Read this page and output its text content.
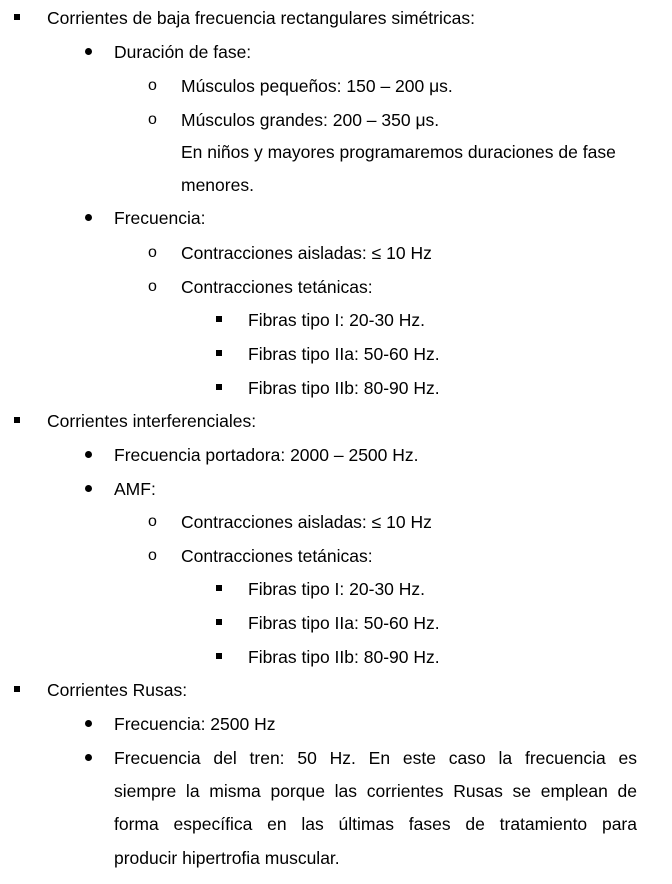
Corrientes de baja frecuencia rectangulares simétricas:
Duración de fase:
o Músculos pequeños: 150 – 200 μs.
o Músculos grandes: 200 – 350 μs.
En niños y mayores programaremos duraciones de fase
menores.
Frecuencia:
o Contracciones aisladas: ≤ 10 Hz
o Contracciones tetánicas:
Fibras tipo I: 20-30 Hz.
Fibras tipo IIa: 50-60 Hz.
Fibras tipo IIb: 80-90 Hz.
Corrientes interferenciales:
Frecuencia portadora: 2000 – 2500 Hz.
AMF:
o Contracciones aisladas: ≤ 10 Hz
o Contracciones tetánicas:
Fibras tipo I: 20-30 Hz.
Fibras tipo IIa: 50-60 Hz.
Fibras tipo IIb: 80-90 Hz.
Corrientes Rusas:
Frecuencia: 2500 Hz
Frecuencia del tren: 50 Hz. En este caso la frecuencia es
siempre la misma porque las corrientes Rusas se emplean de
forma específica en las últimas fases de tratamiento para
producir hipertrofia muscular.
